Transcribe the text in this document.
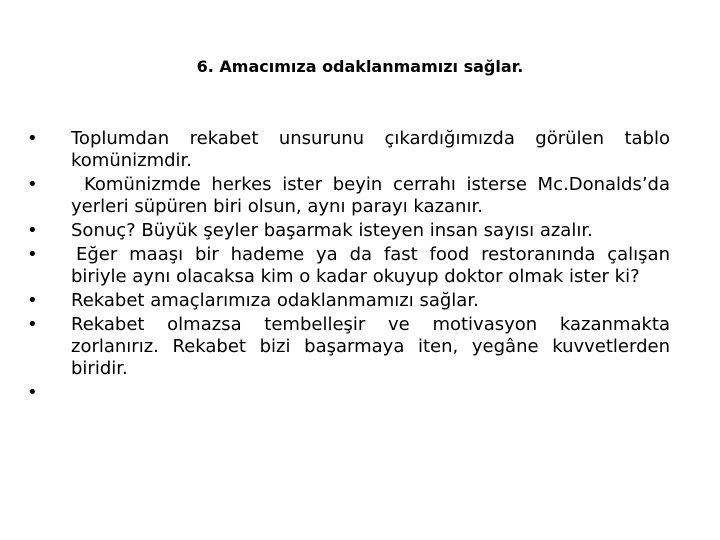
6. Amacımıza odaklanmamızı sağlar.
• Toplumdan rekabet unsurunu çıkardığımızda görülen tablo komünizmdir.
•	Komünizmde herkes ister beyin cerrahı isterse Mc.Donalds’da yerleri süpüren biri olsun, aynı parayı kazanır.
• Sonuç? Büyük şeyler başarmak isteyen insan sayısı azalır.
• Eğer maaşı bir hademe ya da fast food restoranında çalışan biriyle aynı olacaksa kim o kadar okuyup doktor olmak ister ki?
• Rekabet amaçlarımıza odaklanmamızı sağlar.
• Rekabet olmazsa tembelleşir ve motivasyon kazanmakta zorlanırız. Rekabet bizi başarmaya iten, yegâne kuvvetlerden biridir.
•
